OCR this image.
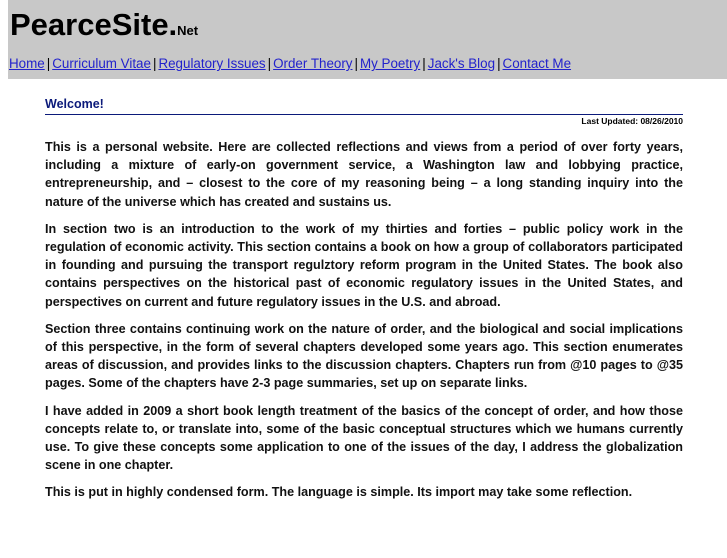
PearceSite.Net
Home | Curriculum Vitae | Regulatory Issues | Order Theory | My Poetry | Jack's Blog | Contact Me
Welcome!
Last Updated: 08/26/2010

This is a personal website. Here are collected reflections and views from a period of over forty years, including a mixture of early-on government service, a Washington law and lobbying practice, entrepreneurship, and – closest to the core of my reasoning being – a long standing inquiry into the nature of the universe which has created and sustains us.

In section two is an introduction to the work of my thirties and forties – public policy work in the regulation of economic activity. This section contains a book on how a group of collaborators participated in founding and pursuing the transport regulztory reform program in the United States. The book also contains perspectives on the historical past of economic regulatory issues in the United States, and perspectives on current and future regulatory issues in the U.S. and abroad.

Section three contains continuing work on the nature of order, and the biological and social implications of this perspective, in the form of several chapters developed some years ago. This section enumerates areas of discussion, and provides links to the discussion chapters. Chapters run from @10 pages to @35 pages. Some of the chapters have 2-3 page summaries, set up on separate links.

I have added in 2009 a short book length treatment of the basics of the concept of order, and how those concepts relate to, or translate into, some of the basic conceptual structures which we humans currently use. To give these concepts some application to one of the issues of the day, I address the globalization scene in one chapter.

This is put in highly condensed form. The language is simple. Its import may take some reflection.
